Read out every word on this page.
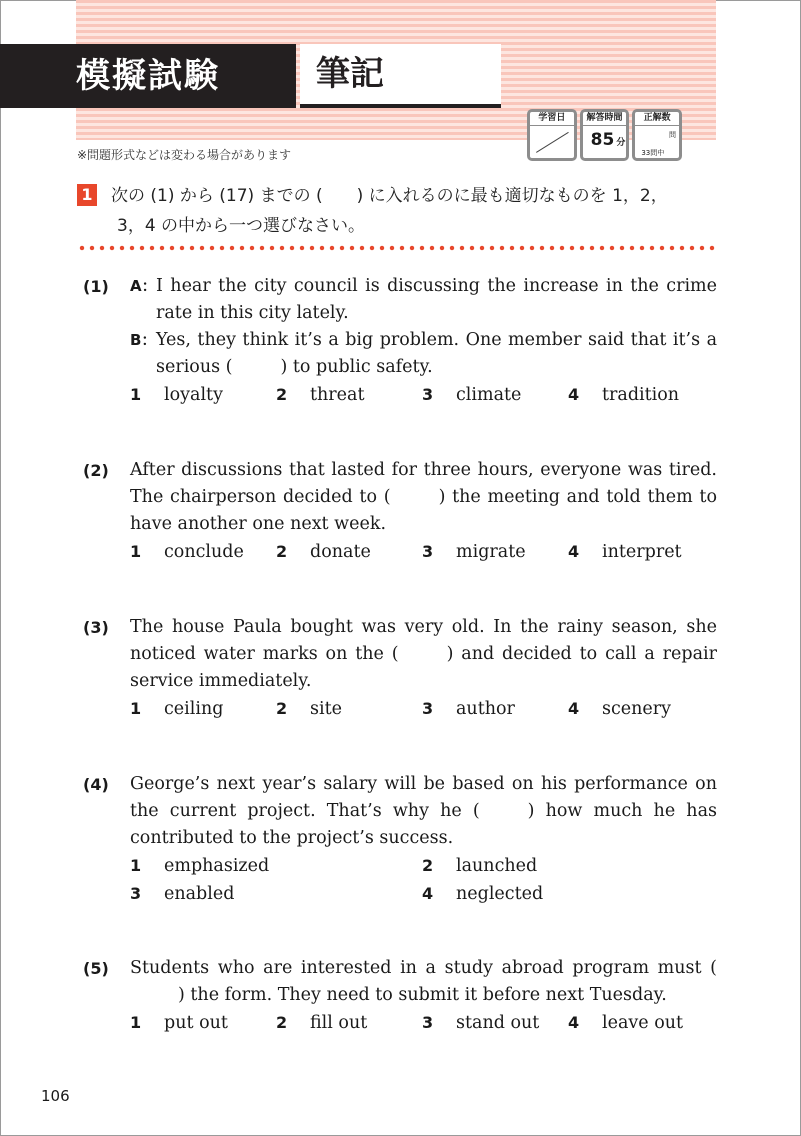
模擬試験	筆記
※問題形式などは変わる場合があります
学習日	解答時間
85 分
正解数
問
33問中
1 次の (1) から (17) までの (　　) に入れるのに最も適切なものを 1，2，
3，4 の中から一つ選びなさい。
(1) A： I hear the city council is discussing the increase in the crime rate in this city lately.
B： Yes, they think it’s a big problem. One member said that it’s a serious (	) to public safety.
1 loyalty	2 threat	3 climate	4 tradition
(2) After discussions that lasted for three hours, everyone was tired. The chairperson decided to (	) the meeting and told them to have another one next week.
1 conclude	2 donate	3 migrate	4 interpret
(3) The house Paula bought was very old. In the rainy season, she noticed water marks on the (	) and decided to call a repair service immediately.
1 ceiling	2 site	3 author	4 scenery
(4) George’s next year’s salary will be based on his performance on the current project. That’s why he (	) how much he has contributed to the project’s success.
1 emphasized	2 launched
3 enabled	4 neglected
(5) Students who are interested in a study abroad program must () the form. They need to submit it before next Tuesday.
1 put out	2 fill out	3 stand out	4 leave out
106
